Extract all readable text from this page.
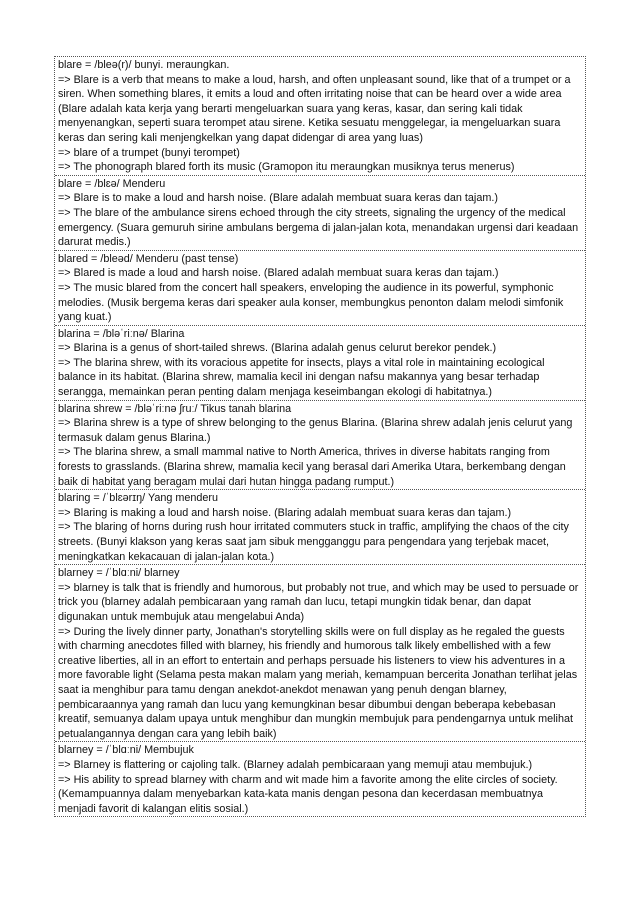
blare = /bleə(r)/ bunyi. meraungkan.
=> Blare is a verb that means to make a loud, harsh, and often unpleasant sound, like that of a trumpet or a siren. When something blares, it emits a loud and often irritating noise that can be heard over a wide area (Blare adalah kata kerja yang berarti mengeluarkan suara yang keras, kasar, dan sering kali tidak menyenangkan, seperti suara terompet atau sirene. Ketika sesuatu menggelegar, ia mengeluarkan suara keras dan sering kali menjengkelkan yang dapat didengar di area yang luas)
=> blare of a trumpet (bunyi terompet)
=> The phonograph blared forth its music (Gramopon itu meraungkan musiknya terus menerus)
blare = /blɛə/ Menderu
=> Blare is to make a loud and harsh noise. (Blare adalah membuat suara keras dan tajam.)
=> The blare of the ambulance sirens echoed through the city streets, signaling the urgency of the medical emergency. (Suara gemuruh sirine ambulans bergema di jalan-jalan kota, menandakan urgensi dari keadaan darurat medis.)
blared = /bleəd/ Menderu (past tense)
=> Blared is made a loud and harsh noise. (Blared adalah membuat suara keras dan tajam.)
=> The music blared from the concert hall speakers, enveloping the audience in its powerful, symphonic melodies. (Musik bergema keras dari speaker aula konser, membungkus penonton dalam melodi simfonik yang kuat.)
blarina = /bləˈriːnə/ Blarina
=> Blarina is a genus of short-tailed shrews. (Blarina adalah genus celurut berekor pendek.)
=> The blarina shrew, with its voracious appetite for insects, plays a vital role in maintaining ecological balance in its habitat. (Blarina shrew, mamalia kecil ini dengan nafsu makannya yang besar terhadap serangga, memainkan peran penting dalam menjaga keseimbangan ekologi di habitatnya.)
blarina shrew = /bləˈriːnə ʃruː/ Tikus tanah blarina
=> Blarina shrew is a type of shrew belonging to the genus Blarina. (Blarina shrew adalah jenis celurut yang termasuk dalam genus Blarina.)
=> The blarina shrew, a small mammal native to North America, thrives in diverse habitats ranging from forests to grasslands. (Blarina shrew, mamalia kecil yang berasal dari Amerika Utara, berkembang dengan baik di habitat yang beragam mulai dari hutan hingga padang rumput.)
blaring = /ˈblɛərɪŋ/ Yang menderu
=> Blaring is making a loud and harsh noise. (Blaring adalah membuat suara keras dan tajam.)
=> The blaring of horns during rush hour irritated commuters stuck in traffic, amplifying the chaos of the city streets. (Bunyi klakson yang keras saat jam sibuk mengganggu para pengendara yang terjebak macet, meningkatkan kekacauan di jalan-jalan kota.)
blarney = /ˈblɑːni/ blarney
=> blarney is talk that is friendly and humorous, but probably not true, and which may be used to persuade or trick you (blarney adalah pembicaraan yang ramah dan lucu, tetapi mungkin tidak benar, dan dapat digunakan untuk membujuk atau mengelabui Anda)
=> During the lively dinner party, Jonathan's storytelling skills were on full display as he regaled the guests with charming anecdotes filled with blarney, his friendly and humorous talk likely embellished with a few creative liberties, all in an effort to entertain and perhaps persuade his listeners to view his adventures in a more favorable light (Selama pesta makan malam yang meriah, kemampuan bercerita Jonathan terlihat jelas saat ia menghibur para tamu dengan anekdot-anekdot menawan yang penuh dengan blarney, pembicaraannya yang ramah dan lucu yang kemungkinan besar dibumbui dengan beberapa kebebasan kreatif, semuanya dalam upaya untuk menghibur dan mungkin membujuk para pendengarnya untuk melihat petualangannya dengan cara yang lebih baik)
blarney = /ˈblɑːni/ Membujuk
=> Blarney is flattering or cajoling talk. (Blarney adalah pembicaraan yang memuji atau membujuk.)
=> His ability to spread blarney with charm and wit made him a favorite among the elite circles of society. (Kemampuannya dalam menyebarkan kata-kata manis dengan pesona dan kecerdasan membuatnya menjadi favorit di kalangan elitis sosial.)
